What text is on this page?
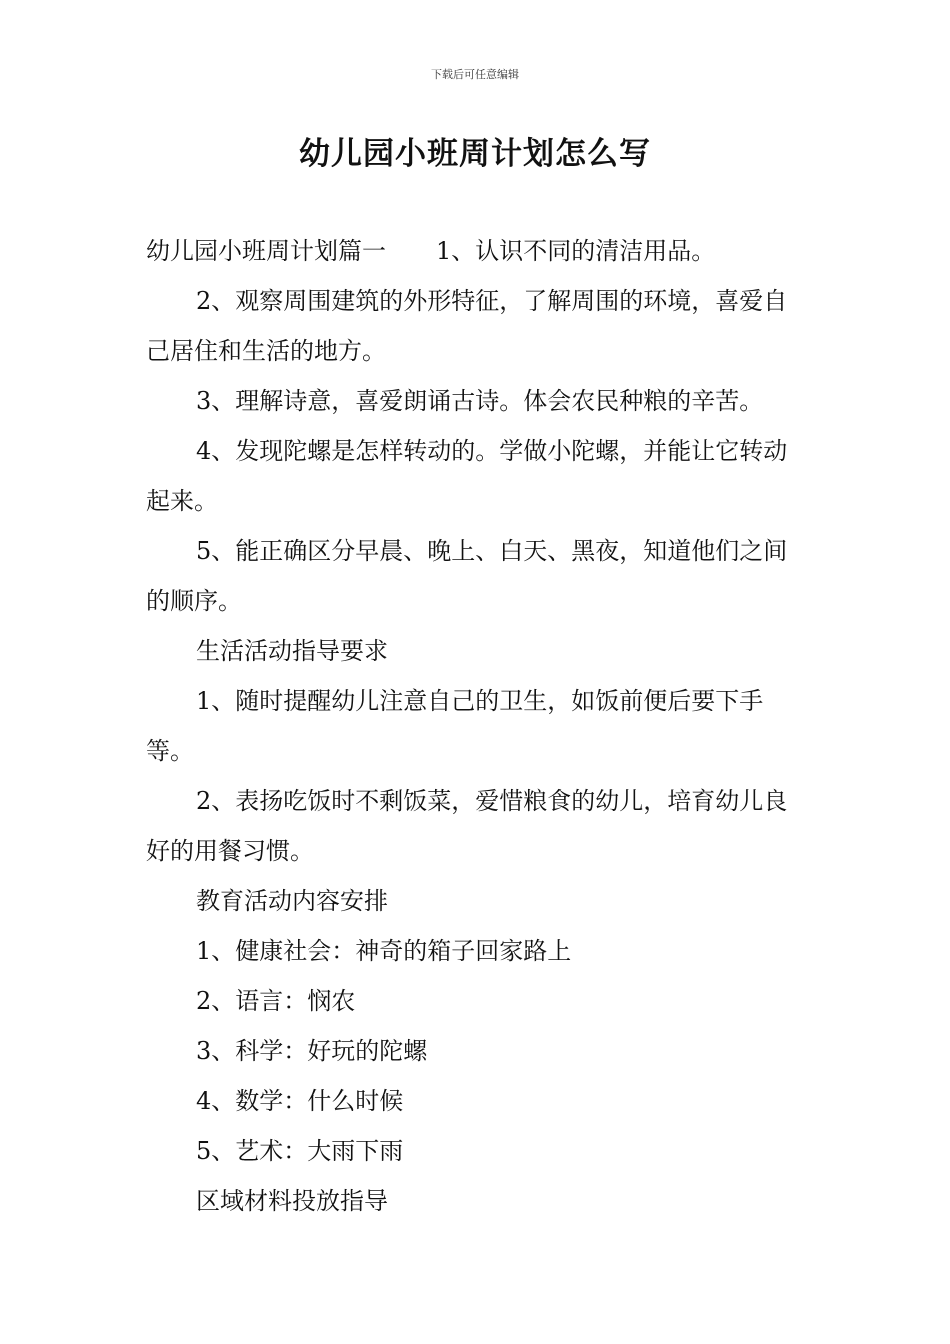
下载后可任意编辑
幼儿园小班周计划怎么写

幼儿园小班周计划篇一 1、认识不同的清洁用品。

2、观察周围建筑的外形特征，了解周围的环境，喜爱自己居住和生活的地方。

3、理解诗意，喜爱朗诵古诗。体会农民种粮的辛苦。

4、发现陀螺是怎样转动的。学做小陀螺，并能让它转动起来。

5、能正确区分早晨、晚上、白天、黑夜，知道他们之间的顺序。

生活活动指导要求

1、随时提醒幼儿注意自己的卫生，如饭前便后要下手等。

2、表扬吃饭时不剩饭菜，爱惜粮食的幼儿，培育幼儿良好的用餐习惯。

教育活动内容安排

1、健康社会：神奇的箱子回家路上

2、语言：悯农

3、科学：好玩的陀螺

4、数学：什么时候

5、艺术：大雨下雨

区域材料投放指导
